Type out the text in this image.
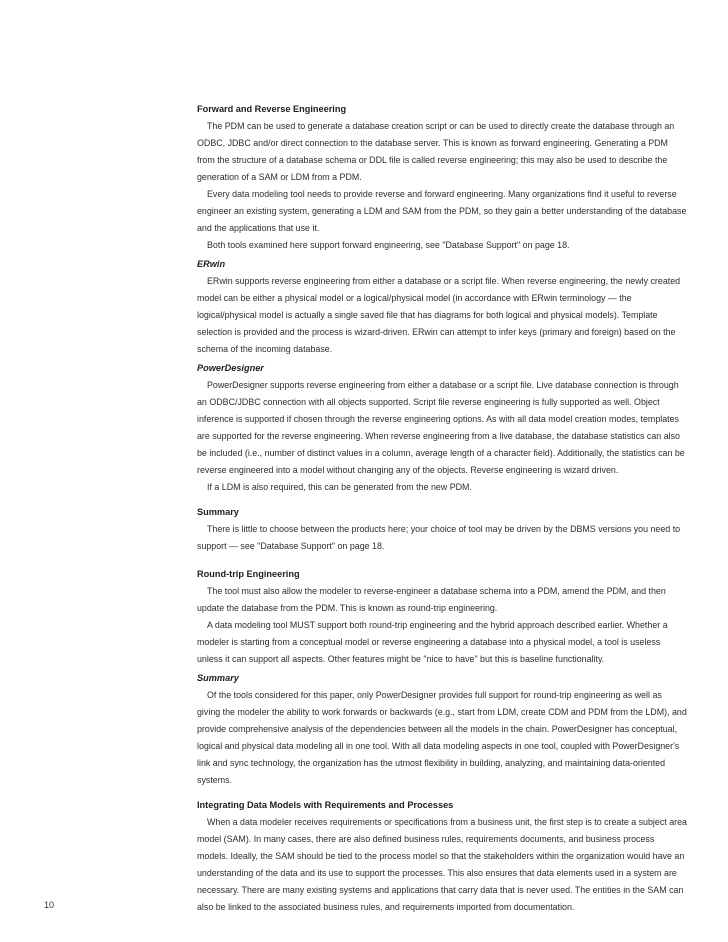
Forward and Reverse Engineering

The PDM can be used to generate a database creation script or can be used to directly create the database through an ODBC, JDBC and/or direct connection to the database server. This is known as forward engineering. Generating a PDM from the structure of a database schema or DDL file is called reverse engineering; this may also be used to describe the generation of a SAM or LDM from a PDM.

Every data modeling tool needs to provide reverse and forward engineering. Many organizations find it useful to reverse engineer an existing system, generating a LDM and SAM from the PDM, so they gain a better understanding of the database and the applications that use it.

Both tools examined here support forward engineering, see "Database Support" on page 18.

ERwin

ERwin supports reverse engineering from either a database or a script file. When reverse engineering, the newly created model can be either a physical model or a logical/physical model (in accordance with ERwin terminology — the logical/physical model is actually a single saved file that has diagrams for both logical and physical models). Template selection is provided and the process is wizard-driven. ERwin can attempt to infer keys (primary and foreign) based on the schema of the incoming database.

PowerDesigner

PowerDesigner supports reverse engineering from either a database or a script file. Live database connection is through an ODBC/JDBC connection with all objects supported. Script file reverse engineering is fully supported as well. Object inference is supported if chosen through the reverse engineering options. As with all data model creation modes, templates are supported for the reverse engineering. When reverse engineering from a live database, the database statistics can also be included (i.e., number of distinct values in a column, average length of a character field). Additionally, the statistics can be reverse engineered into a model without changing any of the objects. Reverse engineering is wizard driven.

If a LDM is also required, this can be generated from the new PDM.

Summary

There is little to choose between the products here; your choice of tool may be driven by the DBMS versions you need to support — see "Database Support" on page 18.

Round-trip Engineering

The tool must also allow the modeler to reverse-engineer a database schema into a PDM, amend the PDM, and then update the database from the PDM. This is known as round-trip engineering.

A data modeling tool MUST support both round-trip engineering and the hybrid approach described earlier. Whether a modeler is starting from a conceptual model or reverse engineering a database into a physical model, a tool is useless unless it can support all aspects. Other features might be "nice to have" but this is baseline functionality.

Summary

Of the tools considered for this paper, only PowerDesigner provides full support for round-trip engineering as well as giving the modeler the ability to work forwards or backwards (e.g., start from LDM, create CDM and PDM from the LDM), and provide comprehensive analysis of the dependencies between all the models in the chain. PowerDesigner has conceptual, logical and physical data modeling all in one tool. With all data modeling aspects in one tool, coupled with PowerDesigner's link and sync technology, the organization has the utmost flexibility in building, analyzing, and maintaining data-oriented systems.

Integrating Data Models with Requirements and Processes

When a data modeler receives requirements or specifications from a business unit, the first step is to create a subject area model (SAM). In many cases, there are also defined business rules, requirements documents, and business process models. Ideally, the SAM should be tied to the process model so that the stakeholders within the organization would have an understanding of the data and its use to support the processes. This also ensures that data elements used in a system are necessary. There are many existing systems and applications that carry data that is never used. The entities in the SAM can also be linked to the associated business rules, and requirements imported from documentation.

10
